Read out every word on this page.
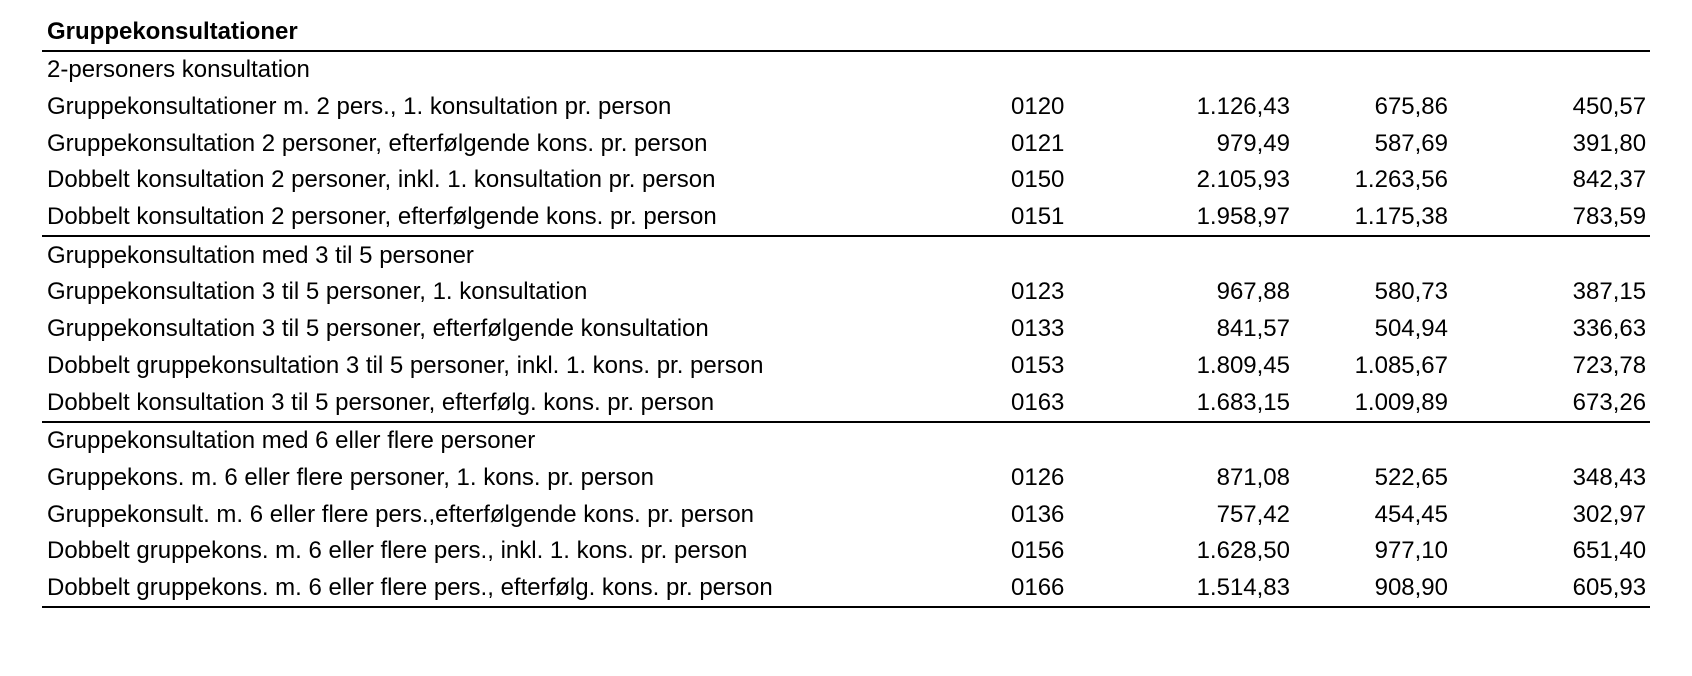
Gruppekonsultationer				
2-personers konsultation				
Gruppekonsultationer m. 2 pers., 1. konsultation pr. person	0120	1.126,43	675,86	450,57
Gruppekonsultation 2 personer, efterfølgende kons. pr. person	0121	979,49	587,69	391,80
Dobbelt konsultation 2 personer, inkl. 1. konsultation pr. person	0150	2.105,93	1.263,56	842,37
Dobbelt konsultation 2 personer, efterfølgende kons. pr. person	0151	1.958,97	1.175,38	783,59
Gruppekonsultation med 3 til 5 personer				
Gruppekonsultation 3 til 5 personer, 1. konsultation	0123	967,88	580,73	387,15
Gruppekonsultation 3 til 5 personer, efterfølgende konsultation	0133	841,57	504,94	336,63
Dobbelt gruppekonsultation 3 til 5 personer, inkl. 1. kons. pr. person	0153	1.809,45	1.085,67	723,78
Dobbelt konsultation 3 til 5 personer, efterfølg. kons. pr. person	0163	1.683,15	1.009,89	673,26
Gruppekonsultation med 6 eller flere personer				
Gruppekons. m. 6 eller flere personer, 1. kons. pr. person	0126	871,08	522,65	348,43
Gruppekonsult. m. 6 eller flere pers.,efterfølgende kons. pr. person	0136	757,42	454,45	302,97
Dobbelt gruppekons. m. 6 eller flere pers., inkl. 1. kons. pr. person	0156	1.628,50	977,10	651,40
Dobbelt gruppekons. m. 6 eller flere pers., efterfølg. kons. pr. person	0166	1.514,83	908,90	605,93
